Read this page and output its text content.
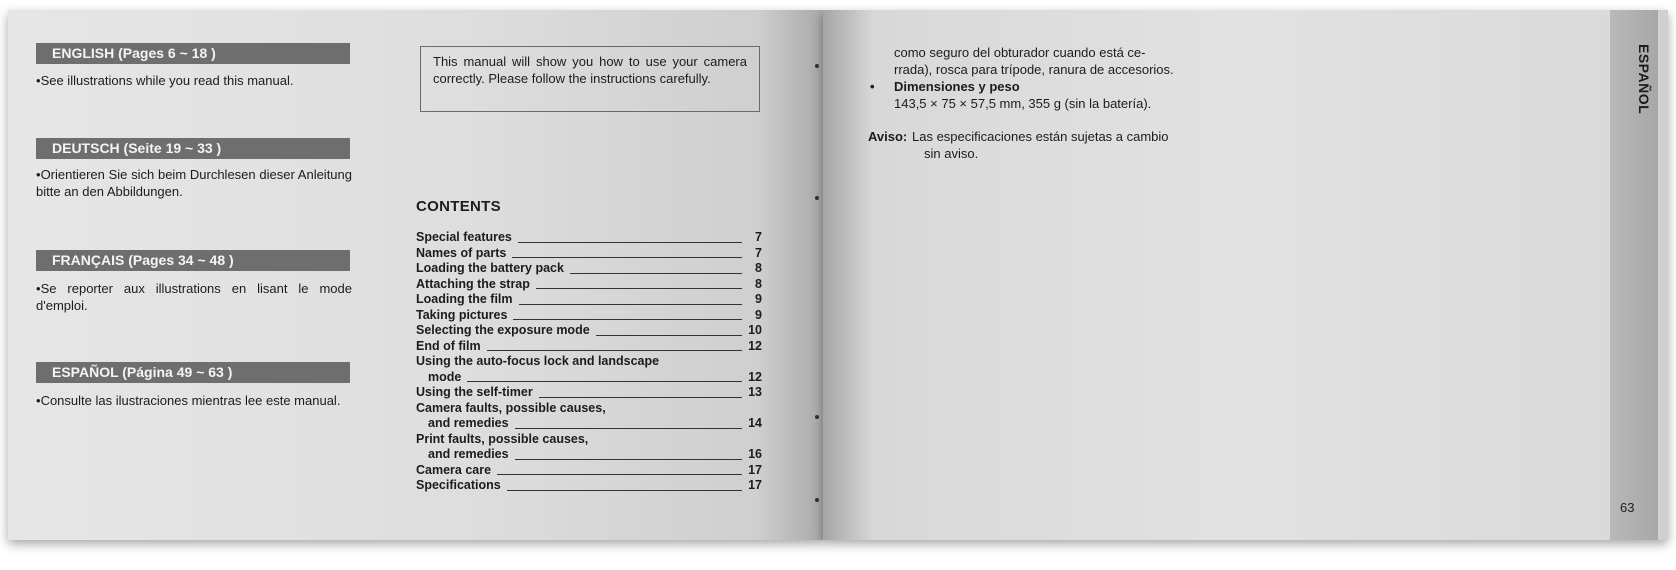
ENGLISH (Pages 6 ~ 18 )
• See illustrations while you read this manual.
DEUTSCH (Seite 19 ~ 33 )
• Orientieren Sie sich beim Durchlesen dieser Anleitung bitte an den Abbildungen.
FRANÇAIS (Pages 34 ~ 48 )
• Se reporter aux illustrations en lisant le mode d'emploi.
ESPAÑOL (Página 49 ~ 63 )
• Consulte las ilustraciones mientras lee este manual.
This manual will show you how to use your camera correctly. Please follow the instructions carefully.
CONTENTS
Special features	7
Names of parts	7
Loading the battery pack	8
Attaching the strap	8
Loading the film	9
Taking pictures	9
Selecting the exposure mode	10
End of film	12
Using the auto-focus lock and landscape
mode	12
Using the self-timer	13
Camera faults, possible causes,
and remedies	14
Print faults, possible causes,
and remedies	16
Camera care	17
Specifications	17
como seguro del obturador cuando está ce-
rrada), rosca para trípode, ranura de accesorios.
• Dimensiones y peso
143,5 × 75 × 57,5 mm, 355 g (sin la batería).
Aviso: Las especificaciones están sujetas a cambio
sin aviso.
ESPAÑOL
63
